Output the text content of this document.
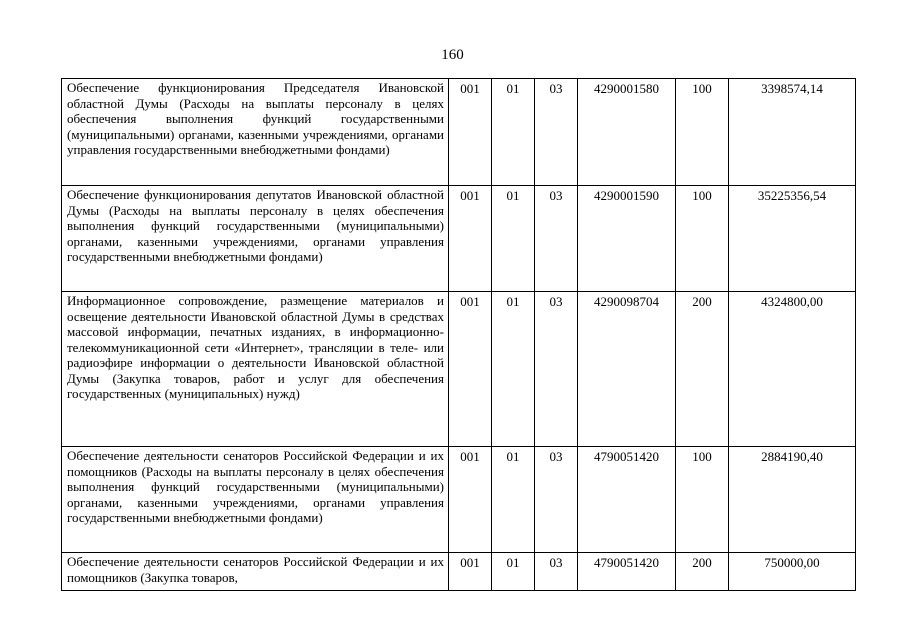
160
Обеспечение функционирования Председателя Ивановской областной Думы (Расходы на выплаты персоналу в целях обеспечения выполнения функций государственными (муниципальными) органами, казенными учреждениями, органами управления государственными внебюджетными фондами)	001	01	03	4290001580	100	3398574,14
Обеспечение функционирования депутатов Ивановской областной Думы (Расходы на выплаты персоналу в целях обеспечения выполнения функций государственными (муниципальными) органами, казенными учреждениями, органами управления государственными внебюджетными фондами)	001	01	03	4290001590	100	35225356,54
Информационное сопровождение, размещение материалов и освещение деятельности Ивановской областной Думы в средствах массовой информации, печатных изданиях, в информационно-телекоммуникационной сети «Интернет», трансляции в теле- или радиоэфире информации о деятельности Ивановской областной Думы (Закупка товаров, работ и услуг для обеспечения государственных (муниципальных) нужд)	001	01	03	4290098704	200	4324800,00
Обеспечение деятельности сенаторов Российской Федерации и их помощников (Расходы на выплаты персоналу в целях обеспечения выполнения функций государственными (муниципальными) органами, казенными учреждениями, органами управления государственными внебюджетными фондами)	001	01	03	4790051420	100	2884190,40
Обеспечение деятельности сенаторов Российской Федерации и их помощников (Закупка товаров,	001	01	03	4790051420	200	750000,00
